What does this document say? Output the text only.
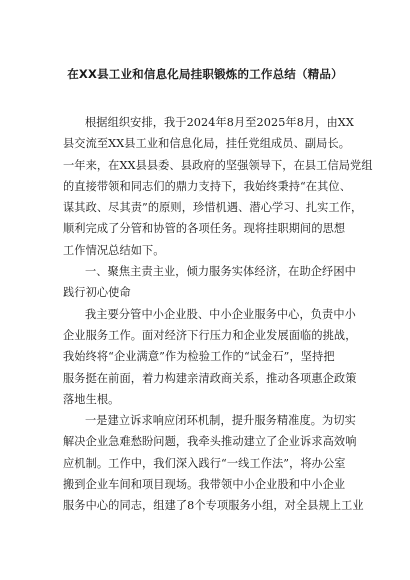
在XX县工业和信息化局挂职锻炼的工作总结（精品）

根据组织安排，我于2024年8月至2025年8月，由XX
县交流至XX县工业和信息化局，挂任党组成员、副局长。
一年来，在XX县县委、县政府的坚强领导下，在县工信局党组
的直接带领和同志们的鼎力支持下，我始终秉持“在其位、
谋其政、尽其责”的原则，珍惜机遇、潜心学习、扎实工作，
顺利完成了分管和协管的各项任务。现将挂职期间的思想
工作情况总结如下。

一、聚焦主责主业，倾力服务实体经济，在助企纾困中
践行初心使命

我主要分管中小企业股、中小企业服务中心，负责中小
企业服务工作。面对经济下行压力和企业发展面临的挑战，
我始终将“企业满意”作为检验工作的“试金石”，坚持把
服务挺在前面，着力构建亲清政商关系，推动各项惠企政策
落地生根。

一是建立诉求响应闭环机制，提升服务精准度。为切实
解决企业急难愁盼问题，我牵头推动建立了企业诉求高效响
应机制。工作中，我们深入践行“一线工作法”，将办公室
搬到企业车间和项目现场。我带领中小企业股和中小企业
服务中心的同志，组建了8个专项服务小组，对全县规上工业
